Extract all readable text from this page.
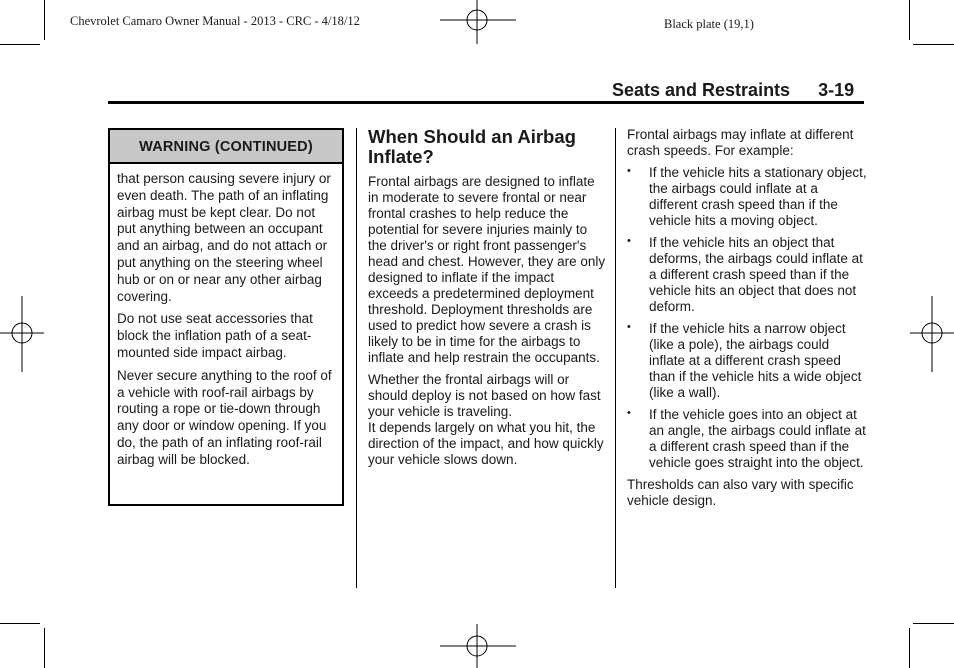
Chevrolet Camaro Owner Manual - 2013 - CRC - 4/18/12	Black plate (19,1)
Seats and Restraints 3-19
WARNING (CONTINUED)

that person causing severe injury or even death. The path of an inflating airbag must be kept clear. Do not put anything between an occupant and an airbag, and do not attach or put anything on the steering wheel hub or on or near any other airbag covering.

Do not use seat accessories that block the inflation path of a seat-mounted side impact airbag.

Never secure anything to the roof of a vehicle with roof-rail airbags by routing a rope or tie-down through any door or window opening. If you do, the path of an inflating roof-rail airbag will be blocked.

When Should an Airbag Inflate?

Frontal airbags are designed to inflate in moderate to severe frontal or near frontal crashes to help reduce the potential for severe injuries mainly to the driver's or right front passenger's head and chest. However, they are only designed to inflate if the impact exceeds a predetermined deployment threshold. Deployment thresholds are used to predict how severe a crash is likely to be in time for the airbags to inflate and help restrain the occupants.

Whether the frontal airbags will or should deploy is not based on how fast your vehicle is traveling.

It depends largely on what you hit, the direction of the impact, and how quickly your vehicle slows down.

Frontal airbags may inflate at different crash speeds. For example:

• If the vehicle hits a stationary object, the airbags could inflate at a different crash speed than if the vehicle hits a moving object.
• If the vehicle hits an object that deforms, the airbags could inflate at a different crash speed than if the vehicle hits an object that does not deform.
• If the vehicle hits a narrow object (like a pole), the airbags could inflate at a different crash speed than if the vehicle hits a wide object (like a wall).
• If the vehicle goes into an object at an angle, the airbags could inflate at a different crash speed than if the vehicle goes straight into the object.

Thresholds can also vary with specific vehicle design.
